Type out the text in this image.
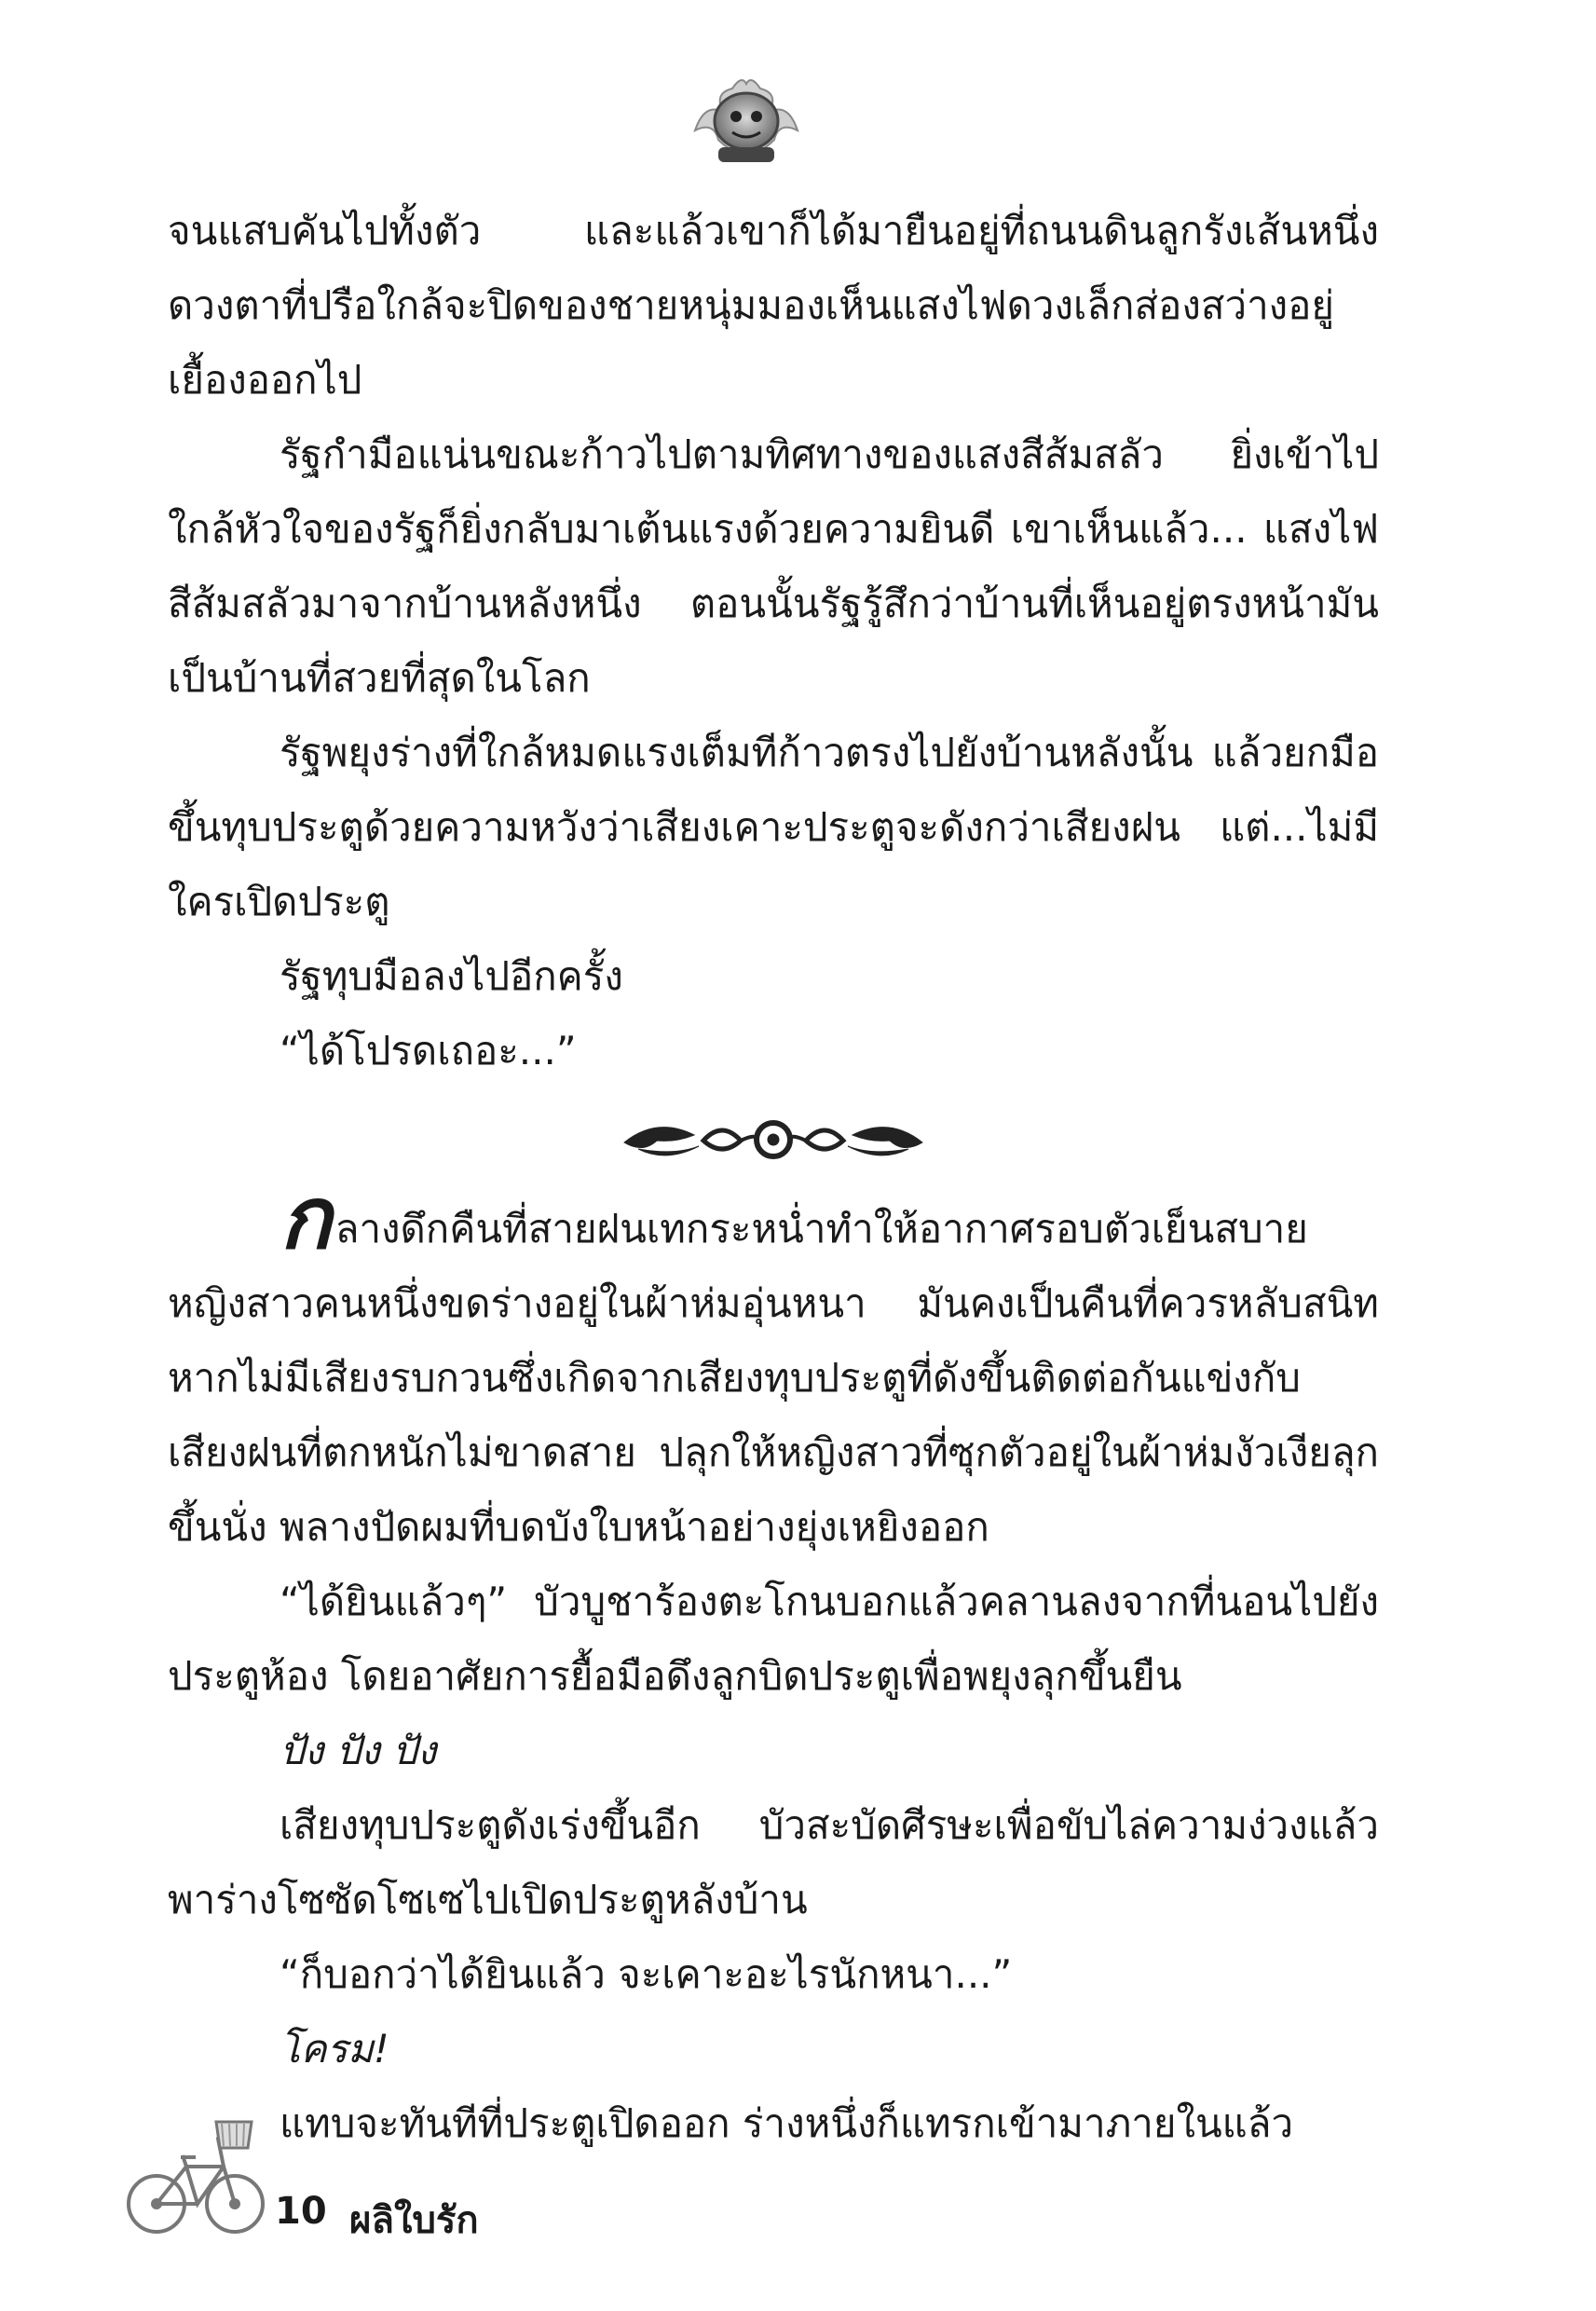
จนแสบคันไปทั้งตัว และแล้วเขาก็ได้มายืนอยู่ที่ถนนดินลูกรังเส้นหนึ่ง ดวงตาที่ปรือใกล้จะปิดของชายหนุ่มมองเห็นแสงไฟดวงเล็กส่องสว่างอยู่เยื้องออกไป

รัฐกำมือแน่นขณะก้าวไปตามทิศทางของแสงสีส้มสลัว ยิ่งเข้าไปใกล้หัวใจของรัฐก็ยิ่งกลับมาเต้นแรงด้วยความยินดี เขาเห็นแล้ว... แสงไฟสีส้มสลัวมาจากบ้านหลังหนึ่ง ตอนนั้นรัฐรู้สึกว่าบ้านที่เห็นอยู่ตรงหน้ามันเป็นบ้านที่สวยที่สุดในโลก

รัฐพยุงร่างที่ใกล้หมดแรงเต็มทีก้าวตรงไปยังบ้านหลังนั้น แล้วยกมือขึ้นทุบประตูด้วยความหวังว่าเสียงเคาะประตูจะดังกว่าเสียงฝน แต่...ไม่มีใครเปิดประตู

รัฐทุบมือลงไปอีกครั้ง

“ได้โปรดเถอะ...”

กลางดึกคืนที่สายฝนเทกระหน่ำทำให้อากาศรอบตัวเย็นสบาย หญิงสาวคนหนึ่งขดร่างอยู่ในผ้าห่มอุ่นหนา มันคงเป็นคืนที่ควรหลับสนิท หากไม่มีเสียงรบกวนซึ่งเกิดจากเสียงทุบประตูที่ดังขึ้นติดต่อกันแข่งกับเสียงฝนที่ตกหนักไม่ขาดสาย ปลุกให้หญิงสาวที่ซุกตัวอยู่ในผ้าห่มงัวเงียลุกขึ้นนั่ง พลางปัดผมที่บดบังใบหน้าอย่างยุ่งเหยิงออก

“ได้ยินแล้วๆ” บัวบูชาร้องตะโกนบอกแล้วคลานลงจากที่นอนไปยังประตูห้อง โดยอาศัยการยื้อมือดึงลูกบิดประตูเพื่อพยุงลุกขึ้นยืน

ปัง ปัง ปัง

เสียงทุบประตูดังเร่งขึ้นอีก บัวสะบัดศีรษะเพื่อขับไล่ความง่วงแล้วพาร่างโซซัดโซเซไปเปิดประตูหลังบ้าน

“ก็บอกว่าได้ยินแล้ว จะเคาะอะไรนักหนา...”

โครม!

แทบจะทันทีที่ประตูเปิดออก ร่างหนึ่งก็แทรกเข้ามาภายในแล้ว

10 ผลิใบรัก
